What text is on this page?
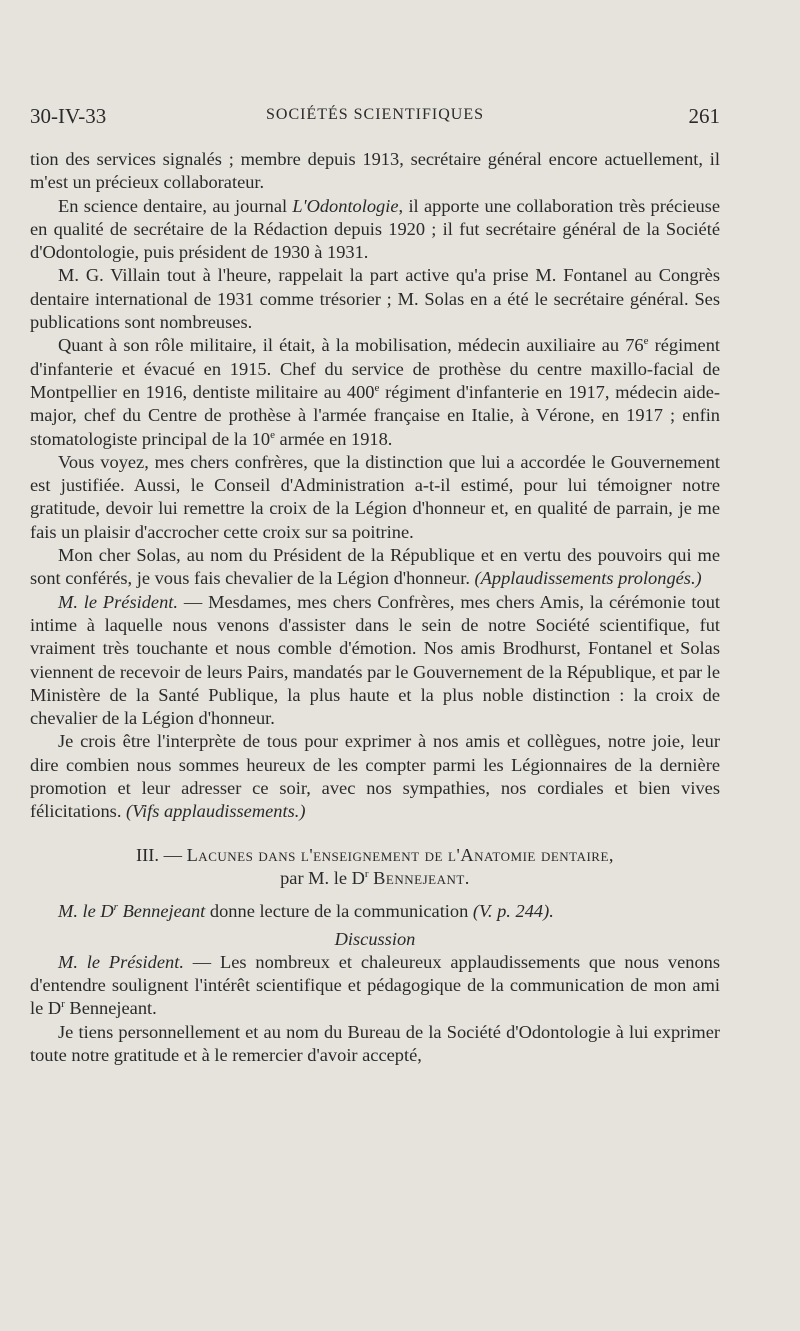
30-IV-33	SOCIÉTÉS SCIENTIFIQUES	261

tion des services signalés ; membre depuis 1913, secrétaire général encore actuellement, il m'est un précieux collaborateur.

En science dentaire, au journal L'Odontologie, il apporte une collaboration très précieuse en qualité de secrétaire de la Rédaction depuis 1920 ; il fut secrétaire général de la Société d'Odontologie, puis président de 1930 à 1931.

M. G. Villain tout à l'heure, rappelait la part active qu'a prise M. Fontanel au Congrès dentaire international de 1931 comme trésorier ; M. Solas en a été le secrétaire général. Ses publications sont nombreuses.

Quant à son rôle militaire, il était, à la mobilisation, médecin auxiliaire au 76e régiment d'infanterie et évacué en 1915. Chef du service de prothèse du centre maxillo-facial de Montpellier en 1916, dentiste militaire au 400e régiment d'infanterie en 1917, médecin aide-major, chef du Centre de prothèse à l'armée française en Italie, à Vérone, en 1917 ; enfin stomatologiste principal de la 10e armée en 1918.

Vous voyez, mes chers confrères, que la distinction que lui a accordée le Gouvernement est justifiée. Aussi, le Conseil d'Administration a-t-il estimé, pour lui témoigner notre gratitude, devoir lui remettre la croix de la Légion d'honneur et, en qualité de parrain, je me fais un plaisir d'accrocher cette croix sur sa poitrine.

Mon cher Solas, au nom du Président de la République et en vertu des pouvoirs qui me sont conférés, je vous fais chevalier de la Légion d'honneur. (Applaudissements prolongés.)

M. le Président. — Mesdames, mes chers Confrères, mes chers Amis, la cérémonie tout intime à laquelle nous venons d'assister dans le sein de notre Société scientifique, fut vraiment très touchante et nous comble d'émotion. Nos amis Brodhurst, Fontanel et Solas viennent de recevoir de leurs Pairs, mandatés par le Gouvernement de la République, et par le Ministère de la Santé Publique, la plus haute et la plus noble distinction : la croix de chevalier de la Légion d'honneur.

Je crois être l'interprète de tous pour exprimer à nos amis et collègues, notre joie, leur dire combien nous sommes heureux de les compter parmi les Légionnaires de la dernière promotion et leur adresser ce soir, avec nos sympathies, nos cordiales et bien vives félicitations. (Vifs applaudissements.)

III. — Lacunes dans l'enseignement de l'Anatomie dentaire,
par M. le $D^r$ Bennejeant.

M. le $D^r$ Bennejeant donne lecture de la communication (V. p. 244).

Discussion

M. le Président. — Les nombreux et chaleureux applaudissements que nous venons d'entendre soulignent l'intérêt scientifique et pédagogique de la communication de mon ami le $D^r$ Bennejeant.

Je tiens personnellement et au nom du Bureau de la Société d'Odontologie à lui exprimer toute notre gratitude et à le remercier d'avoir accepté,
